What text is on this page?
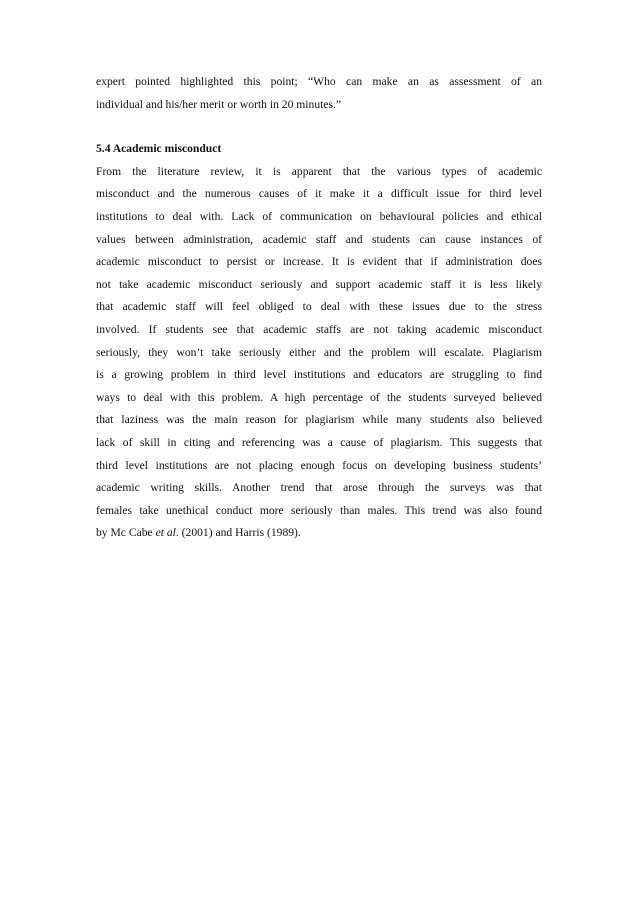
expert pointed highlighted this point; “Who can make an as assessment of an
individual and his/her merit or worth in 20 minutes.”
5.4 Academic misconduct
From the literature review, it is apparent that the various types of academic
misconduct and the numerous causes of it make it a difficult issue for third level
institutions to deal with. Lack of communication on behavioural policies and ethical
values between administration, academic staff and students can cause instances of
academic misconduct to persist or increase. It is evident that if administration does
not take academic misconduct seriously and support academic staff it is less likely
that academic staff will feel obliged to deal with these issues due to the stress
involved. If students see that academic staffs are not taking academic misconduct
seriously, they won’t take seriously either and the problem will escalate. Plagiarism
is a growing problem in third level institutions and educators are struggling to find
ways to deal with this problem. A high percentage of the students surveyed believed
that laziness was the main reason for plagiarism while many students also believed
lack of skill in citing and referencing was a cause of plagiarism. This suggests that
third level institutions are not placing enough focus on developing business students’
academic writing skills. Another trend that arose through the surveys was that
females take unethical conduct more seriously than males. This trend was also found
by Mc Cabe et al. (2001) and Harris (1989).
